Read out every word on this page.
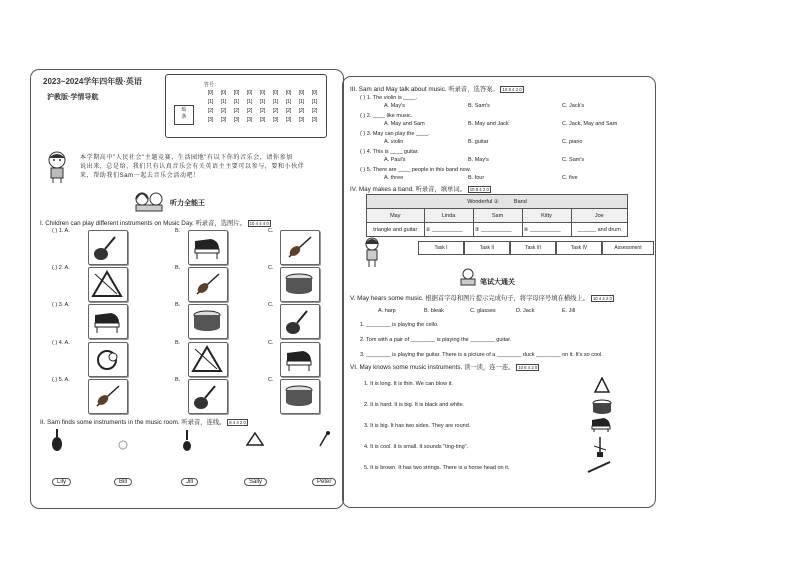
2023~2024学年四年级·英语
沪教版·学情导航
答号：
贴
条
[0]	[0]	[0]	[0]	[0]	[0]	[0]	[0]	[0]
[1]	[1]	[1]	[1]	[1]	[1]	[1]	[1]	[1]
[2]	[2]	[2]	[2]	[2]	[2]	[2]	[2]	[2]
[3]	[3]	[3]	[3]	[3]	[3]	[3]	[3]	[3]
本学期高中"人民社会"主题竞赛，生活园地"有以下你的音乐会，请你参加
说出来，总是给，我们只有认真音乐会有关英语主主要可以参与，要和小伙伴
来，帮助我们Sam一起去音乐会活动吧！
听力全能王
I. Children can play different instruments on Music Day. 听录音，选图片。 10 4 4 4 0
( ) 1. A.	B.	C.
( ) 2. A.	B.	C.
( ) 3. A.	B.	C.
( ) 4. A.	B.	C.
( ) 5. A.	B.	C.
II. Sam finds some instruments in the music room. 听录音，连线。 8 4 4 2 0
Lily	Bill	Jill	Sally	Peter
III. Sam and May talk about music. 听录音，选答案。 10 8 4 2 0
( ) 1. The violin is ____.
A. May's	B. Sam's	C. Jack's
( ) 2. ____ like music.
A. May and Sam	B. May and Jack	C. Jack, May and Sam
( ) 3. May can play the ____.
A. violin	B. guitar	C. piano
( ) 4. This is ____ guitar.
A. Paul's	B. May's	C. Sam's
( ) 5. There are ____ people in this band now.
A. three	B. four	C. five
IV. May makes a band. 听录音，填单词。 10 8 4 2 0
Wonderful ① Band				
May	Linda	Sam	Kitty	Joe
triangle and guitar	② __________	③ __________	④ __________	______ and drum
Task I	Task II	Task III	Task IV	Assessment
笔试大通关
V. May hears some music. 根据首字母和图片提示完成句子，将字母序号填在横线上。 10 4 4 2 0
A. harp	B. bleak	C. glasses	D. Jack	E. Jill
1. ________ is playing the cello.
2. Tom with a pair of ________ is playing the ________ guitar.
3. ________ is playing the guitar. There is a picture of a ________ duck ________ on it. It's so cool.
VI. May knows some music instruments. 读一读，连一连。 10 8 4 2 0
1. It is long. It is thin. We can blow it.
2. It is hard. It is big. It is black and white.
3. It is big. It has two sides. They are round.
4. It is cool. It is small. It sounds "ting-ting".
5. It is brown. It has two strings. There is a horse head on it.
